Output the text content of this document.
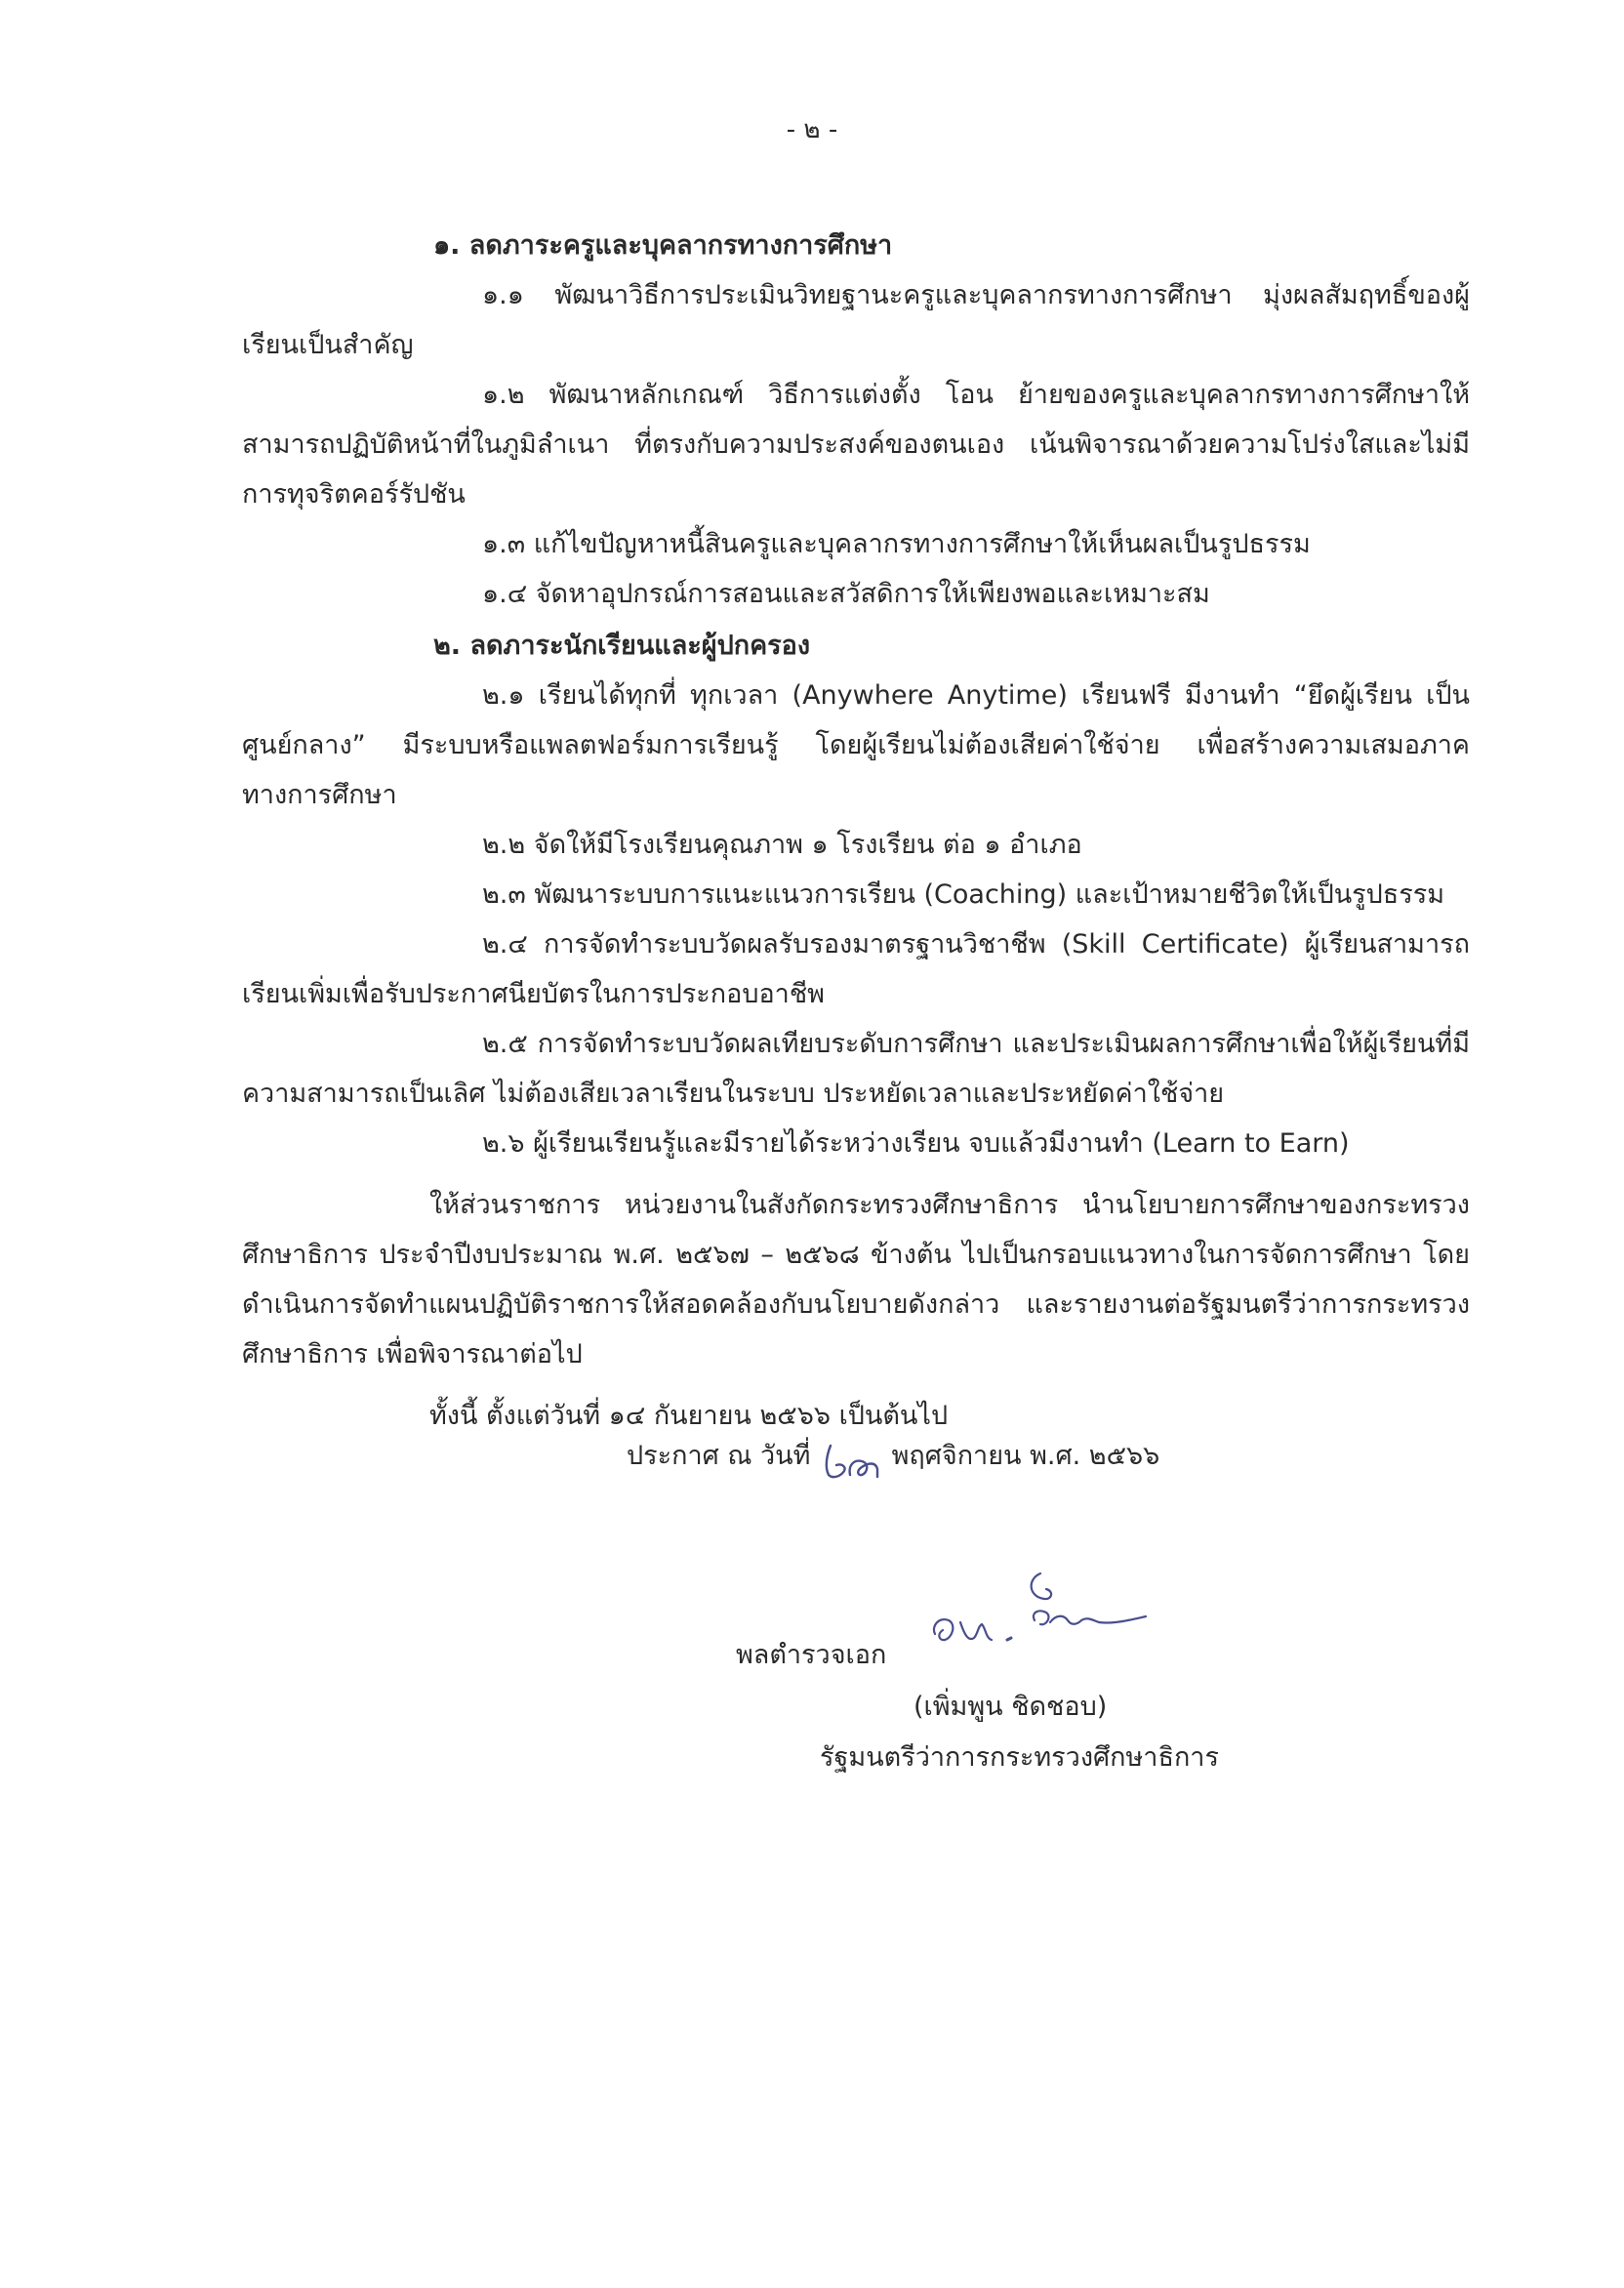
- ๒ -
๑. ลดภาระครูและบุคลากรทางการศึกษา
๑.๑ พัฒนาวิธีการประเมินวิทยฐานะครูและบุคลากรทางการศึกษา มุ่งผลสัมฤทธิ์ของผู้เรียนเป็นสำคัญ
๑.๒ พัฒนาหลักเกณฑ์ วิธีการแต่งตั้ง โอน ย้ายของครูและบุคลากรทางการศึกษาให้สามารถปฏิบัติหน้าที่ในภูมิลำเนา ที่ตรงกับความประสงค์ของตนเอง เน้นพิจารณาด้วยความโปร่งใสและไม่มีการทุจริตคอร์รัปชัน
๑.๓ แก้ไขปัญหาหนี้สินครูและบุคลากรทางการศึกษาให้เห็นผลเป็นรูปธรรม
๑.๔ จัดหาอุปกรณ์การสอนและสวัสดิการให้เพียงพอและเหมาะสม
๒. ลดภาระนักเรียนและผู้ปกครอง
๒.๑ เรียนได้ทุกที่ ทุกเวลา (Anywhere Anytime) เรียนฟรี มีงานทำ “ยึดผู้เรียน เป็นศูนย์กลาง” มีระบบหรือแพลตฟอร์มการเรียนรู้ โดยผู้เรียนไม่ต้องเสียค่าใช้จ่าย เพื่อสร้างความเสมอภาคทางการศึกษา
๒.๒ จัดให้มีโรงเรียนคุณภาพ ๑ โรงเรียน ต่อ ๑ อำเภอ
๒.๓ พัฒนาระบบการแนะแนวการเรียน (Coaching) และเป้าหมายชีวิตให้เป็นรูปธรรม
๒.๔ การจัดทำระบบวัดผลรับรองมาตรฐานวิชาชีพ (Skill Certificate) ผู้เรียนสามารถเรียนเพิ่มเพื่อรับประกาศนียบัตรในการประกอบอาชีพ
๒.๕ การจัดทำระบบวัดผลเทียบระดับการศึกษา และประเมินผลการศึกษาเพื่อให้ผู้เรียนที่มีความสามารถเป็นเลิศ ไม่ต้องเสียเวลาเรียนในระบบ ประหยัดเวลาและประหยัดค่าใช้จ่าย
๒.๖ ผู้เรียนเรียนรู้และมีรายได้ระหว่างเรียน จบแล้วมีงานทำ (Learn to Earn)
ให้ส่วนราชการ หน่วยงานในสังกัดกระทรวงศึกษาธิการ นำนโยบายการศึกษาของกระทรวงศึกษาธิการ ประจำปีงบประมาณ พ.ศ. ๒๕๖๗ – ๒๕๖๘ ข้างต้น ไปเป็นกรอบแนวทางในการจัดการศึกษา โดยดำเนินการจัดทำแผนปฏิบัติราชการให้สอดคล้องกับนโยบายดังกล่าว และรายงานต่อรัฐมนตรีว่าการกระทรวงศึกษาธิการ เพื่อพิจารณาต่อไป
ทั้งนี้ ตั้งแต่วันที่ ๑๔ กันยายน ๒๕๖๖ เป็นต้นไป
ประกาศ ณ วันที่	พฤศจิกายน พ.ศ. ๒๕๖๖
พลตำรวจเอก
(เพิ่มพูน ชิดชอบ)
รัฐมนตรีว่าการกระทรวงศึกษาธิการ
